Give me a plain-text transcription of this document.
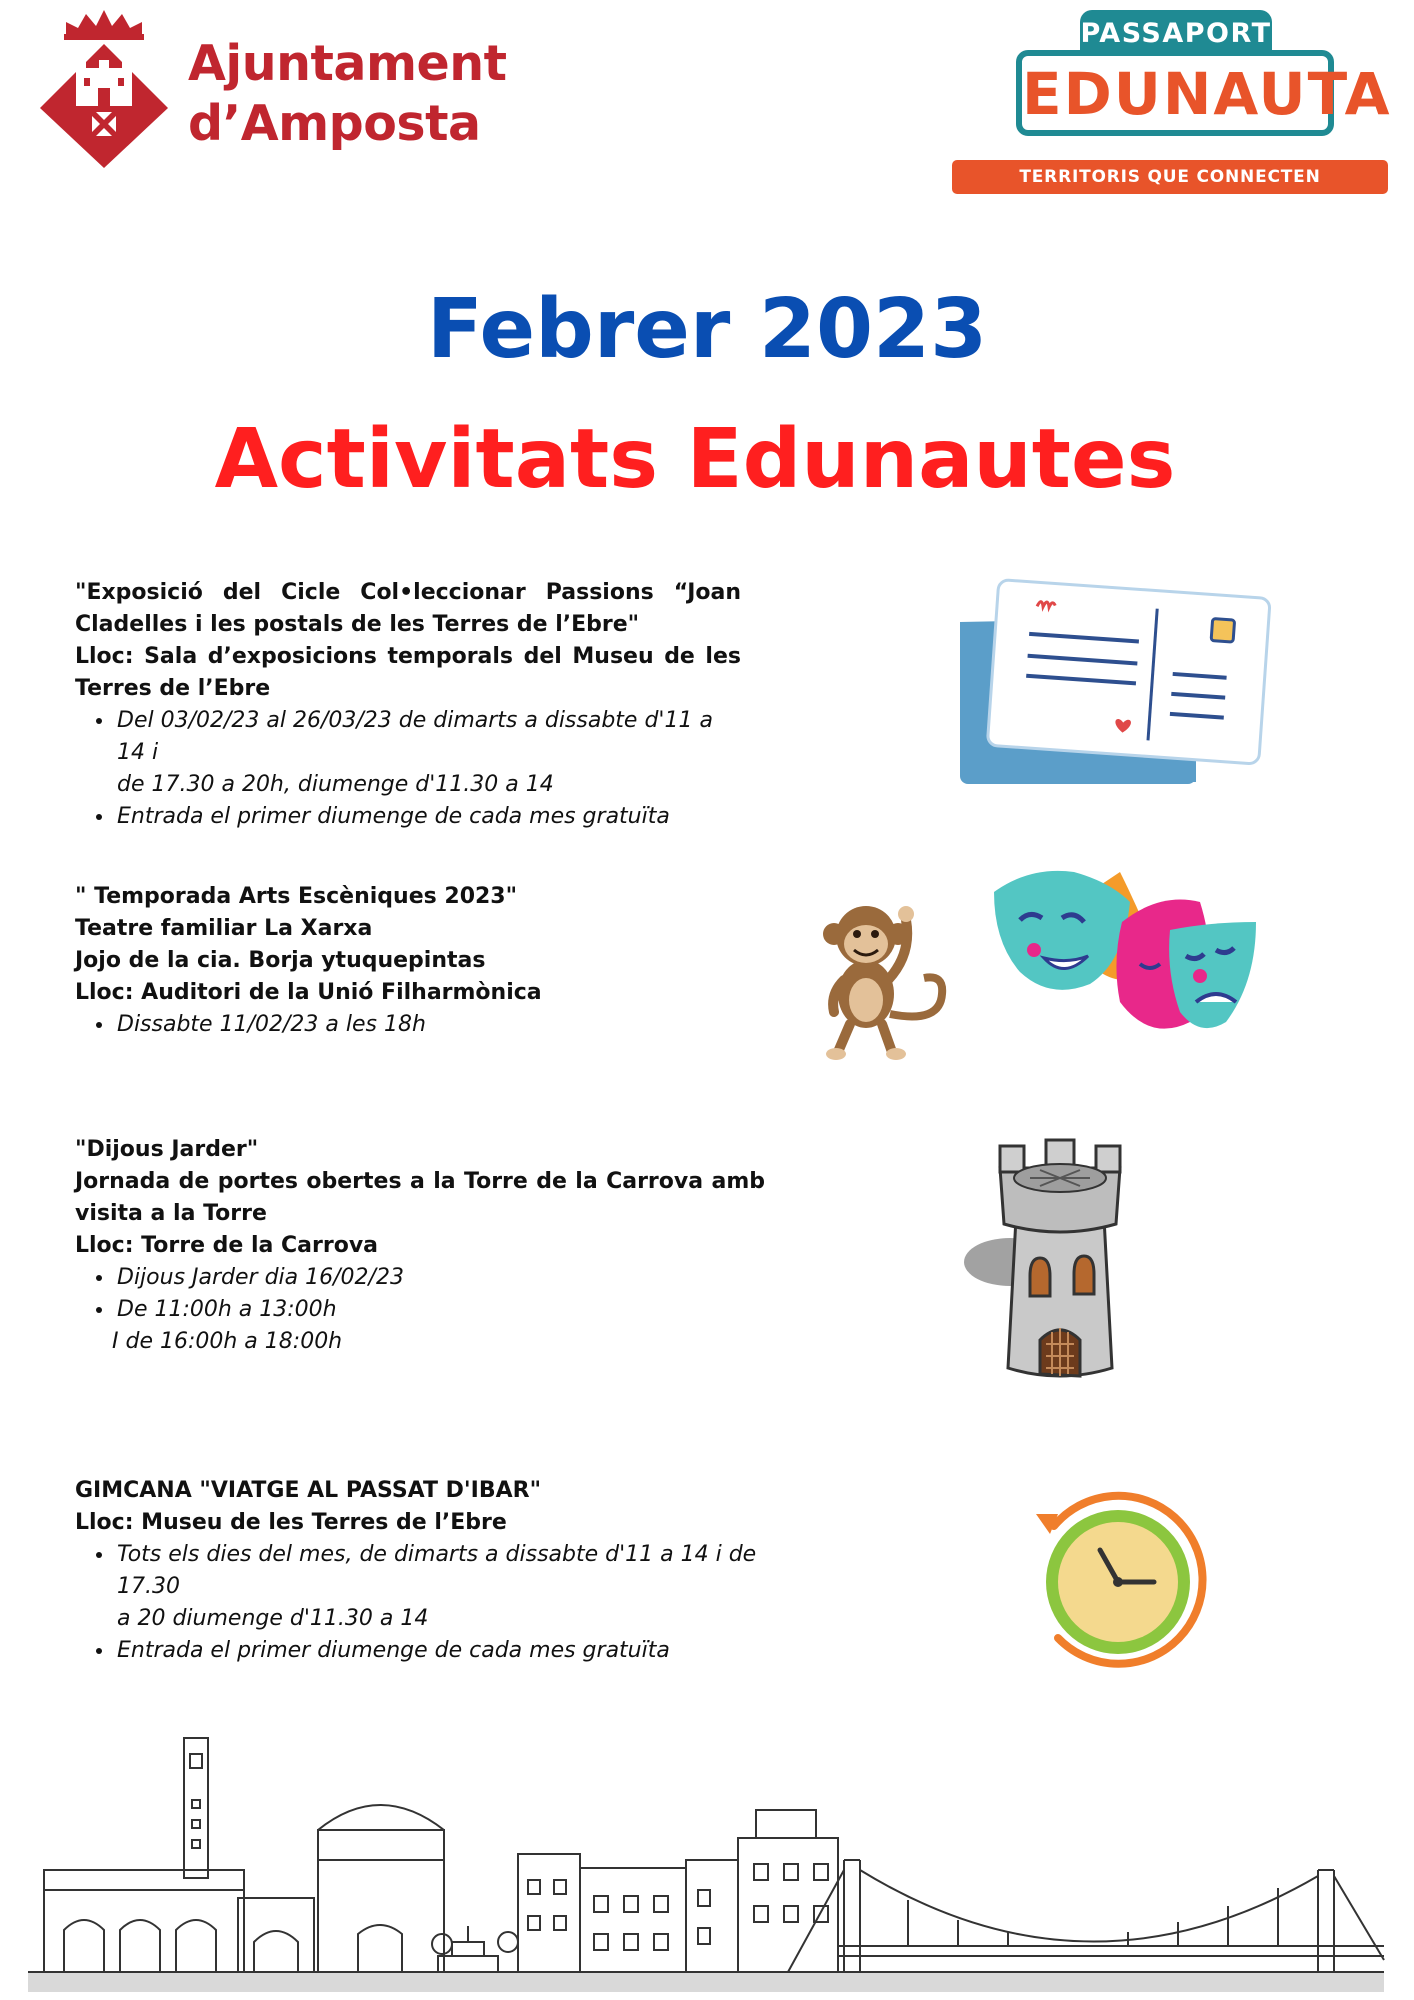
Ajuntament
d’Amposta
PASSAPORT
EDUNAUTA
TERRITORIS QUE CONNECTEN OPORTUNITATS
Febrer 2023
Activitats Edunautes
"Exposició del Cicle Col•leccionar Passions “Joan
Cladelles i les postals de les Terres de l’Ebre"
Lloc: Sala d’exposicions temporals del Museu de les
Terres de l’Ebre
• Del 03/02/23 al 26/03/23 de dimarts a dissabte d'11 a 14 i
de 17.30 a 20h, diumenge d'11.30 a 14
• Entrada el primer diumenge de cada mes gratuïta
" Temporada Arts Escèniques 2023"
Teatre familiar La Xarxa
Jojo de la cia. Borja ytuquepintas
Lloc: Auditori de la Unió Filharmònica
• Dissabte 11/02/23 a les 18h
"Dijous Jarder"
Jornada de portes obertes a la Torre de la Carrova amb
visita a la Torre
Lloc: Torre de la Carrova
• Dijous Jarder dia 16/02/23
• De 11:00h a 13:00h
I de 16:00h a 18:00h
GIMCANA "VIATGE AL PASSAT D'IBAR"
Lloc: Museu de les Terres de l’Ebre
• Tots els dies del mes, de dimarts a dissabte d'11 a 14 i de 17.30
a 20 diumenge d'11.30 a 14
• Entrada el primer diumenge de cada mes gratuïta
